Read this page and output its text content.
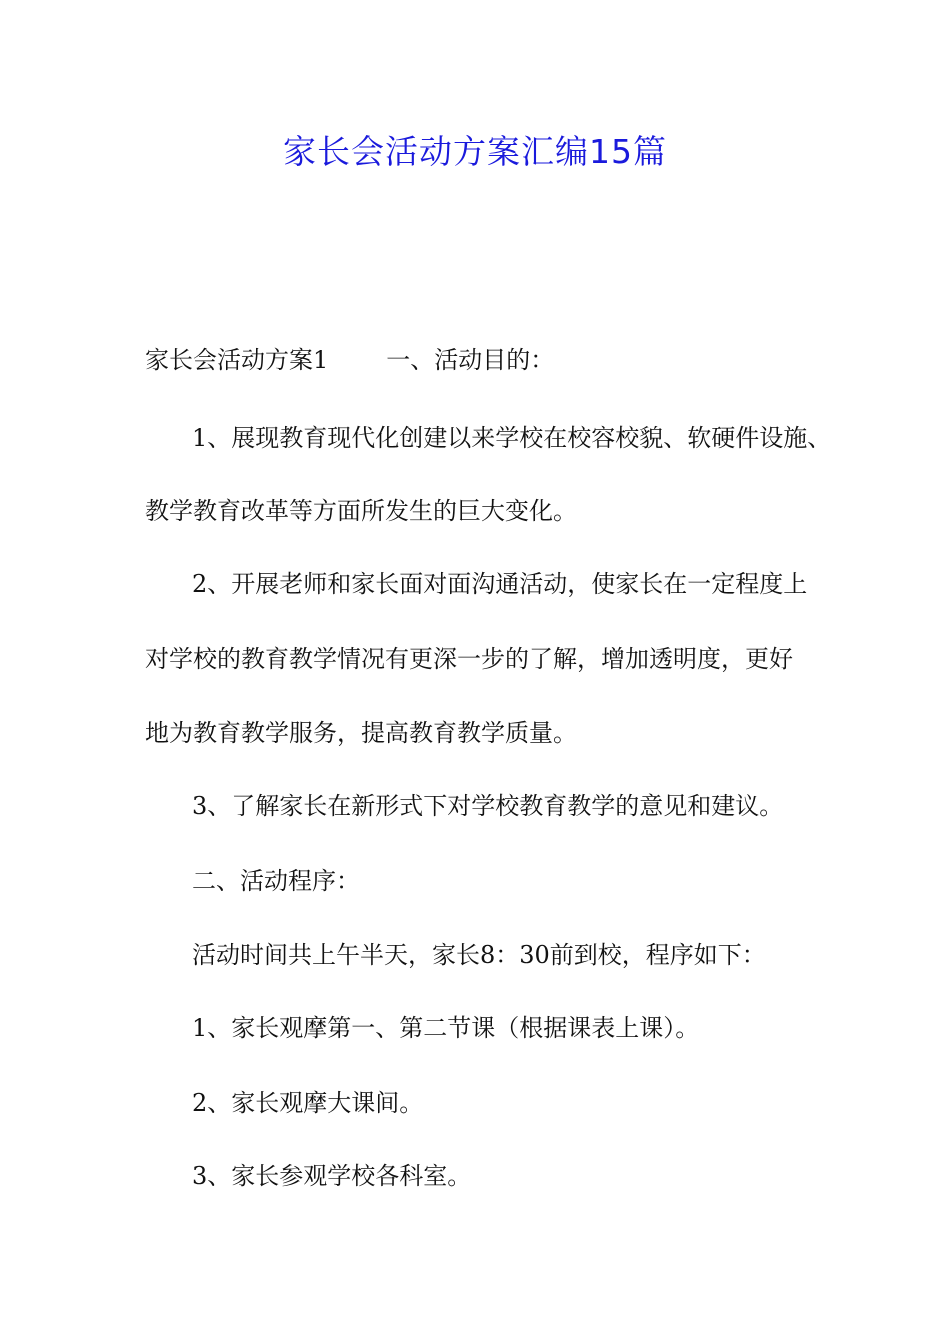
家长会活动方案汇编15篇
家长会活动方案1 一、活动目的：
1、展现教育现代化创建以来学校在校容校貌、软硬件设施、
教学教育改革等方面所发生的巨大变化。
2、开展老师和家长面对面沟通活动，使家长在一定程度上
对学校的教育教学情况有更深一步的了解，增加透明度，更好
地为教育教学服务，提高教育教学质量。
3、了解家长在新形式下对学校教育教学的意见和建议。
二、活动程序：
活动时间共上午半天，家长8：30前到校，程序如下：
1、家长观摩第一、第二节课（根据课表上课）。
2、家长观摩大课间。
3、家长参观学校各科室。
